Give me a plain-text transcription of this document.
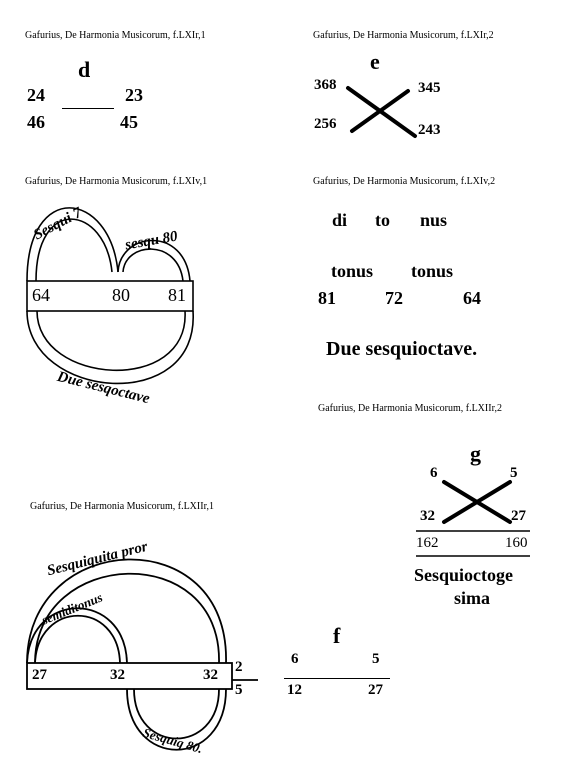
Gafurius, De Harmonia Musicorum, f.LXIr,1	Gafurius, De Harmonia Musicorum, f.LXIr,2
Gafurius, De Harmonia Musicorum, f.LXIv,1	Gafurius, De Harmonia Musicorum, f.LXIv,2
Gafurius, De Harmonia Musicorum, f.LXIIr,2
Gafurius, De Harmonia Musicorum, f.LXIIr,1
d
24	23
46	45
e
368	345
256	243
Sesqui 7	sesqu 80
64	80 81
Due sesqoctave
di to nus
tonus tonus
81	72	64
Due sesquioctave.
g
6	5
32	27
162	160
Sesquioctoge
sima
Sesquiquita pror
semiditonus
27	32	32 2
5
Sesquiq 80.
f
6	5
12	27
